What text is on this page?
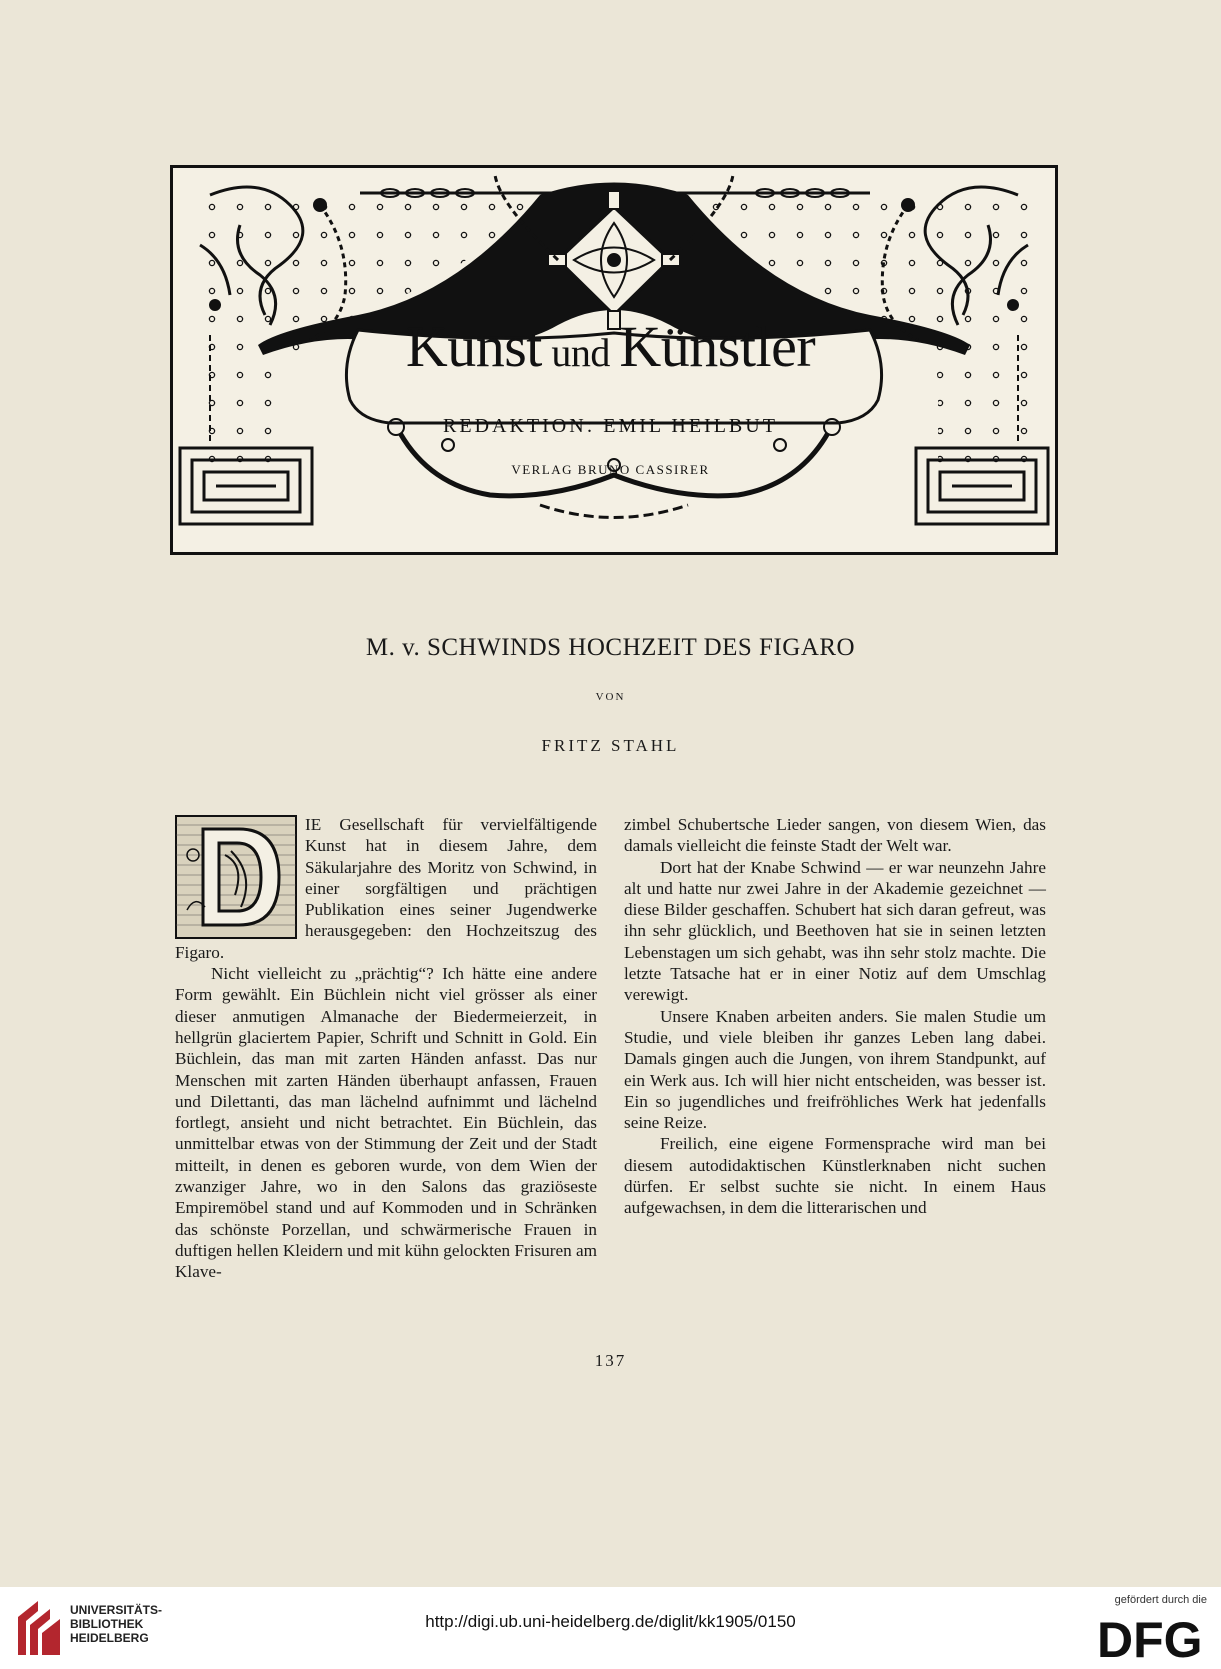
Kunst und Künstler
REDAKTION: EMIL HEILBUT
VERLAG BRUNO CASSIRER
M. v. SCHWINDS HOCHZEIT DES FIGARO
VON
FRITZ STAHL

IE Gesellschaft für vervielfältigende Kunst hat in diesem Jahre, dem Säkularjahre des Moritz von Schwind, in einer sorgfältigen und prächtigen Publikation eines seiner Jugendwerke herausgegeben: den Hochzeitszug des Figaro.

Nicht vielleicht zu „prächtig“? Ich hätte eine andere Form gewählt. Ein Büchlein nicht viel grösser als einer dieser anmutigen Almanache der Biedermeierzeit, in hellgrün glaciertem Papier, Schrift und Schnitt in Gold. Ein Büchlein, das man mit zarten Händen anfasst. Das nur Menschen mit zarten Händen überhaupt anfassen, Frauen und Dilettanti, das man lächelnd aufnimmt und lächelnd fortlegt, ansieht und nicht betrachtet. Ein Büchlein, das unmittelbar etwas von der Stimmung der Zeit und der Stadt mitteilt, in denen es geboren wurde, von dem Wien der zwanziger Jahre, wo in den Salons das graziöseste Empiremöbel stand und auf Kommoden und in Schränken das schönste Porzellan, und schwärmerische Frauen in duftigen hellen Kleidern und mit kühn gelockten Frisuren am Klave-

zimbel Schubertsche Lieder sangen, von diesem Wien, das damals vielleicht die feinste Stadt der Welt war.

Dort hat der Knabe Schwind — er war neunzehn Jahre alt und hatte nur zwei Jahre in der Akademie gezeichnet — diese Bilder geschaffen. Schubert hat sich daran gefreut, was ihn sehr glücklich, und Beethoven hat sie in seinen letzten Lebenstagen um sich gehabt, was ihn sehr stolz machte. Die letzte Tatsache hat er in einer Notiz auf dem Umschlag verewigt.

Unsere Knaben arbeiten anders. Sie malen Studie um Studie, und viele bleiben ihr ganzes Leben lang dabei. Damals gingen auch die Jungen, von ihrem Standpunkt, auf ein Werk aus. Ich will hier nicht entscheiden, was besser ist. Ein so jugendliches und freifröhliches Werk hat jedenfalls seine Reize.

Freilich, eine eigene Formensprache wird man bei diesem autodidaktischen Künstlerknaben nicht suchen dürfen. Er selbst suchte sie nicht. In einem Haus aufgewachsen, in dem die litterarischen und

137
UNIVERSITÄTS-
BIBLIOTHEK
HEIDELBERG
http://digi.ub.uni-heidelberg.de/diglit/kk1905/0150
gefördert durch die
DFG
